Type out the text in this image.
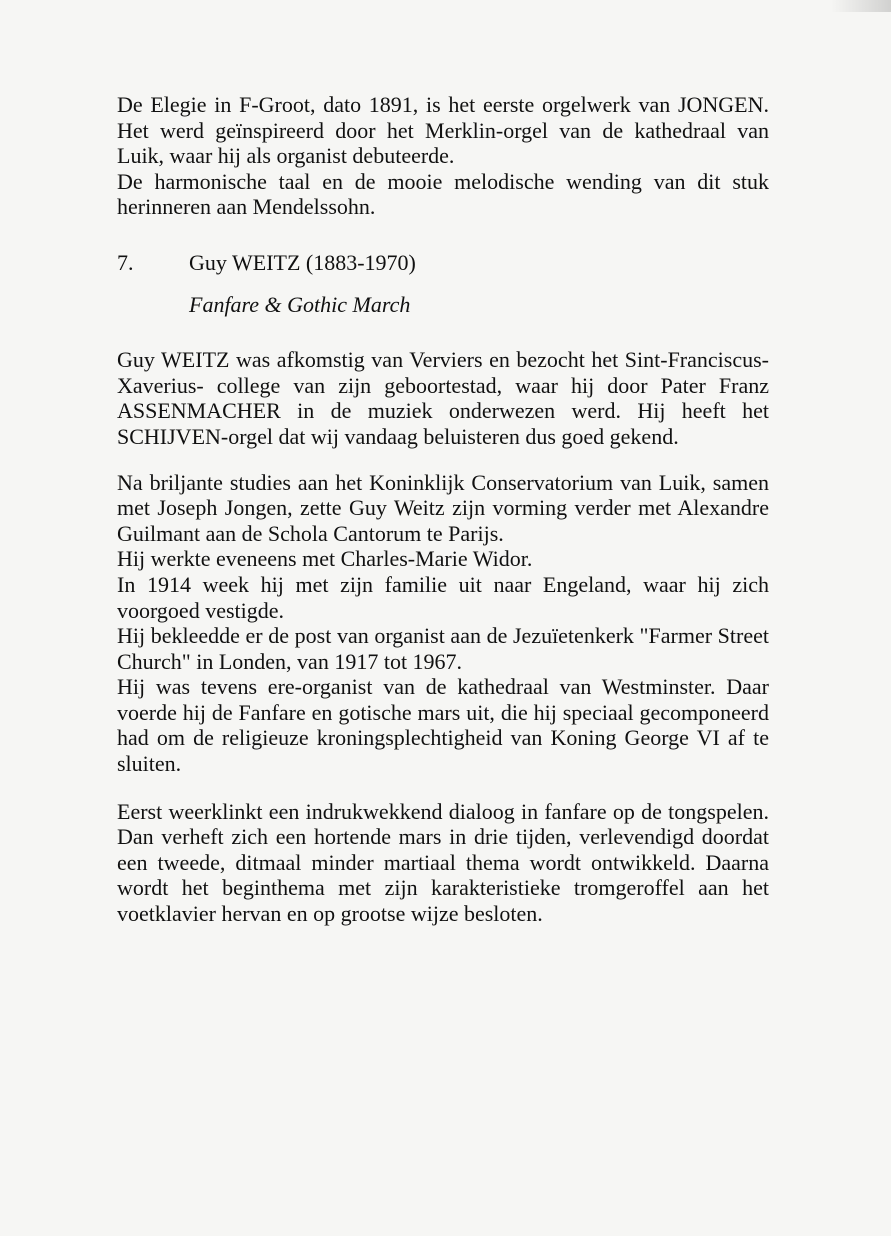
De Elegie in F-Groot, dato 1891, is het eerste orgelwerk van JONGEN. Het werd geïnspireerd door het Merklin-orgel van de kathedraal van Luik, waar hij als organist debuteerde.

De harmonische taal en de mooie melodische wending van dit stuk herinneren aan Mendelssohn.

7.	Guy WEITZ (1883-1970)
Fanfare & Gothic March

Guy WEITZ was afkomstig van Verviers en bezocht het Sint-Franciscus-Xaverius- college van zijn geboortestad, waar hij door Pater Franz ASSENMACHER in de muziek onderwezen werd. Hij heeft het SCHIJVEN-orgel dat wij vandaag beluisteren dus goed gekend.

Na briljante studies aan het Koninklijk Conservatorium van Luik, samen met Joseph Jongen, zette Guy Weitz zijn vorming verder met Alexandre Guilmant aan de Schola Cantorum te Parijs.

Hij werkte eveneens met Charles-Marie Widor.

In 1914 week hij met zijn familie uit naar Engeland, waar hij zich voorgoed vestigde.

Hij bekleedde er de post van organist aan de Jezuïetenkerk "Farmer Street Church" in Londen, van 1917 tot 1967.

Hij was tevens ere-organist van de kathedraal van Westminster. Daar voerde hij de Fanfare en gotische mars uit, die hij speciaal gecomponeerd had om de religieuze kroningsplechtigheid van Koning George VI af te sluiten.

Eerst weerklinkt een indrukwekkend dialoog in fanfare op de tongspelen. Dan verheft zich een hortende mars in drie tijden, verlevendigd doordat een tweede, ditmaal minder martiaal thema wordt ontwikkeld. Daarna wordt het beginthema met zijn karakteristieke tromgeroffel aan het voetklavier hervan en op grootse wijze besloten.
